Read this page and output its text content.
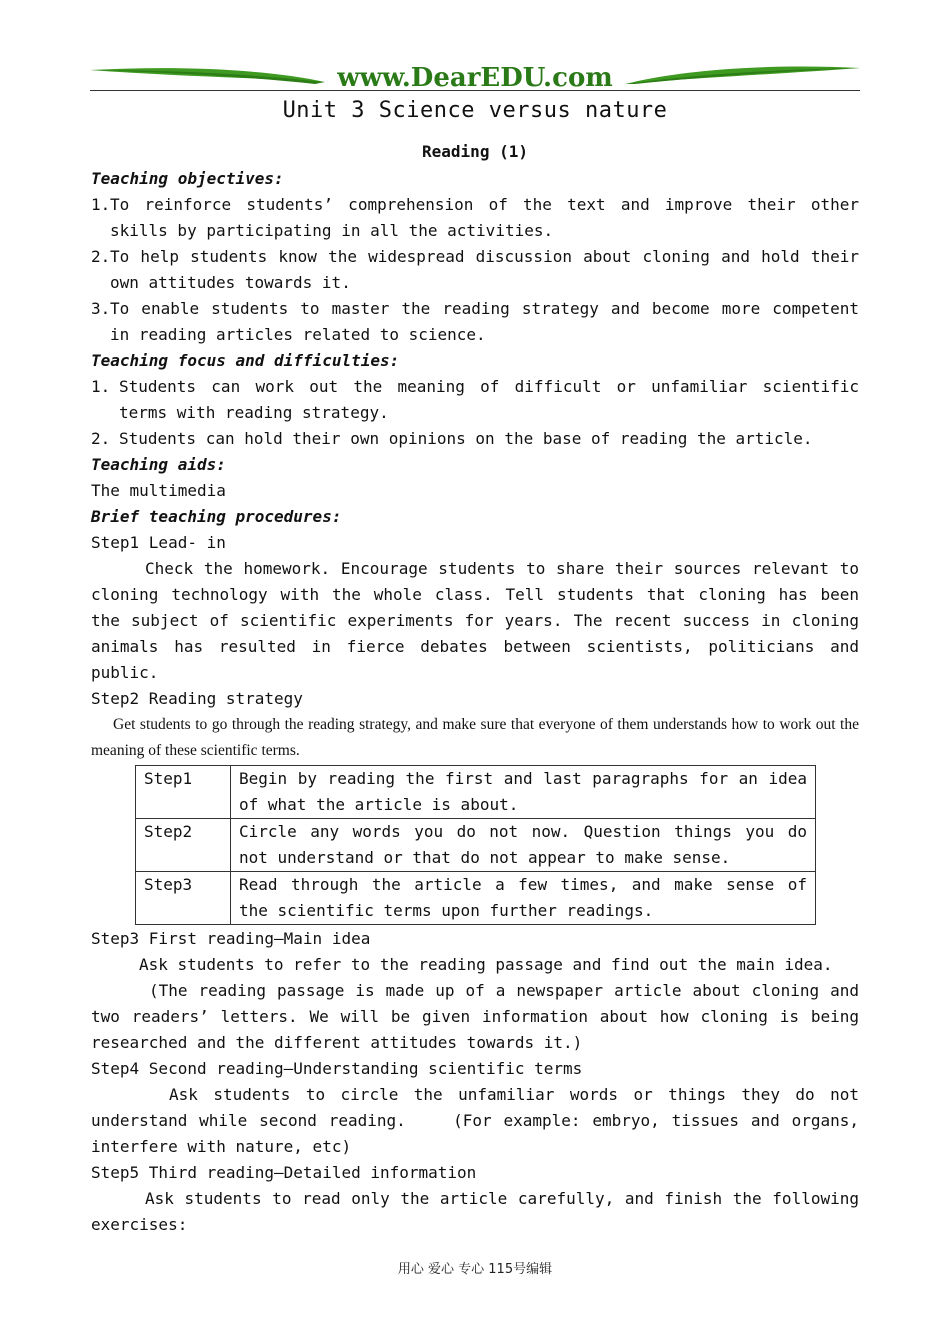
www.DearEDU.com
Unit 3 Science versus nature
Reading (1)
Teaching objectives:
1. To reinforce students’ comprehension of the text and improve their other skills by participating in all the activities.
2. To help students know the widespread discussion about cloning and hold their own attitudes towards it.
3. To enable students to master the reading strategy and become more competent in reading articles related to science.
Teaching focus and difficulties:
1. Students can work out the meaning of difficult or unfamiliar scientific terms with reading strategy.
2. Students can hold their own opinions on the base of reading the article.
Teaching aids:
The multimedia
Brief teaching procedures:
Step1 Lead- in
Check the homework. Encourage students to share their sources relevant to cloning technology with the whole class. Tell students that cloning has been the subject of scientific experiments for years. The recent success in cloning animals has resulted in fierce debates between scientists, politicians and public.
Step2 Reading strategy
Get students to go through the reading strategy, and make sure that everyone of them understands how to work out the meaning of these scientific terms.
Step1	Begin by reading the first and last paragraphs for an idea of what the article is about.
Step2	Circle any words you do not now. Question things you do not understand or that do not appear to make sense.
Step3	Read through the article a few times, and make sense of the scientific terms upon further readings.
Step3 First reading—Main idea
Ask students to refer to the reading passage and find out the main idea.
(The reading passage is made up of a newspaper article about cloning and two readers’ letters. We will be given information about how cloning is being researched and the different attitudes towards it.)
Step4 Second reading—Understanding scientific terms
Ask students to circle the unfamiliar words or things they do not understand while second reading.    (For example: embryo, tissues and organs, interfere with nature, etc)
Step5 Third reading—Detailed information
Ask students to read only the article carefully, and finish the following exercises:
用心 爱心 专心 115号编辑
